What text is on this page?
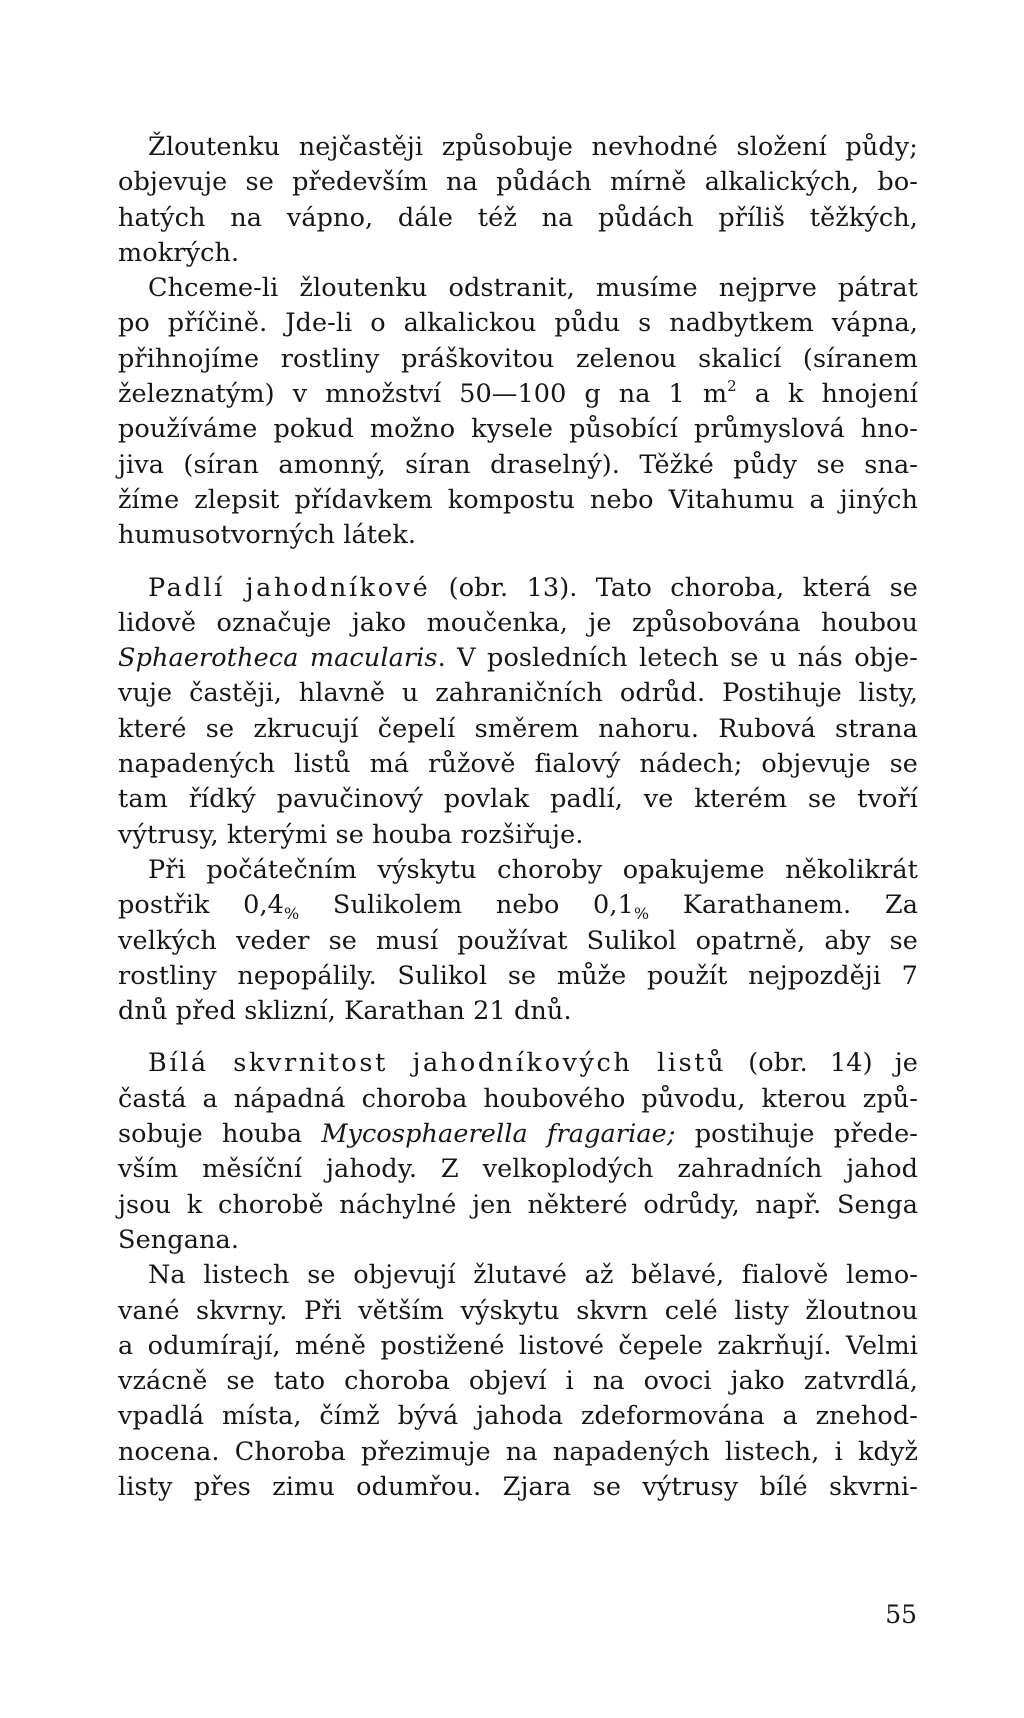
Žloutenku nejčastěji způsobuje nevhodné složení půdy;
objevuje se především na půdách mírně alkalických, bo-
hatých na vápno, dále též na půdách příliš těžkých,
mokrých.
Chceme-li žloutenku odstranit, musíme nejprve pátrat
po příčině. Jde-li o alkalickou půdu s nadbytkem vápna,
přihnojíme rostliny práškovitou zelenou skalicí (síranem
železnatým) v množství 50—100 g na 1 $m^2$ a k hnojení
používáme pokud možno kysele působící průmyslová hno-
jiva (síran amonný, síran draselný). Těžké půdy se sna-
žíme zlepsit přídavkem kompostu nebo Vitahumu a jiných
humusotvorných látek.
Padlí jahodníkové (obr. 13). Tato choroba, která se
lidově označuje jako moučenka, je způsobována houbou
Sphaerotheca macularis. V posledních letech se u nás obje-
vuje častěji, hlavně u zahraničních odrůd. Postihuje listy,
které se zkrucují čepelí směrem nahoru. Rubová strana
napadených listů má růžově fialový nádech; objevuje se
tam řídký pavučinový povlak padlí, ve kterém se tvoří
výtrusy, kterými se houba rozšiřuje.
Při počátečním výskytu choroby opakujeme několikrát
postřik $0,4_{\%}$ Sulikolem nebo $0,1_{\%}$ Karathanem. Za
velkých veder se musí používat Sulikol opatrně, aby se
rostliny nepopálily. Sulikol se může použít nejpozději 7
dnů před sklizní, Karathan 21 dnů.
Bílá skvrnitost jahodníkových listů (obr. 14) je
častá a nápadná choroba houbového původu, kterou způ-
sobuje houba Mycosphaerella fragariae; postihuje přede-
vším měsíční jahody. Z velkoplodých zahradních jahod
jsou k chorobě náchylné jen některé odrůdy, např. Senga
Sengana.
Na listech se objevují žlutavé až bělavé, fialově lemo-
vané skvrny. Při větším výskytu skvrn celé listy žloutnou
a odumírají, méně postižené listové čepele zakrňují. Velmi
vzácně se tato choroba objeví i na ovoci jako zatvrdlá,
vpadlá místa, čímž bývá jahoda zdeformována a znehod-
nocena. Choroba přezimuje na napadených listech, i když
listy přes zimu odumřou. Zjara se výtrusy bílé skvrni-
55
